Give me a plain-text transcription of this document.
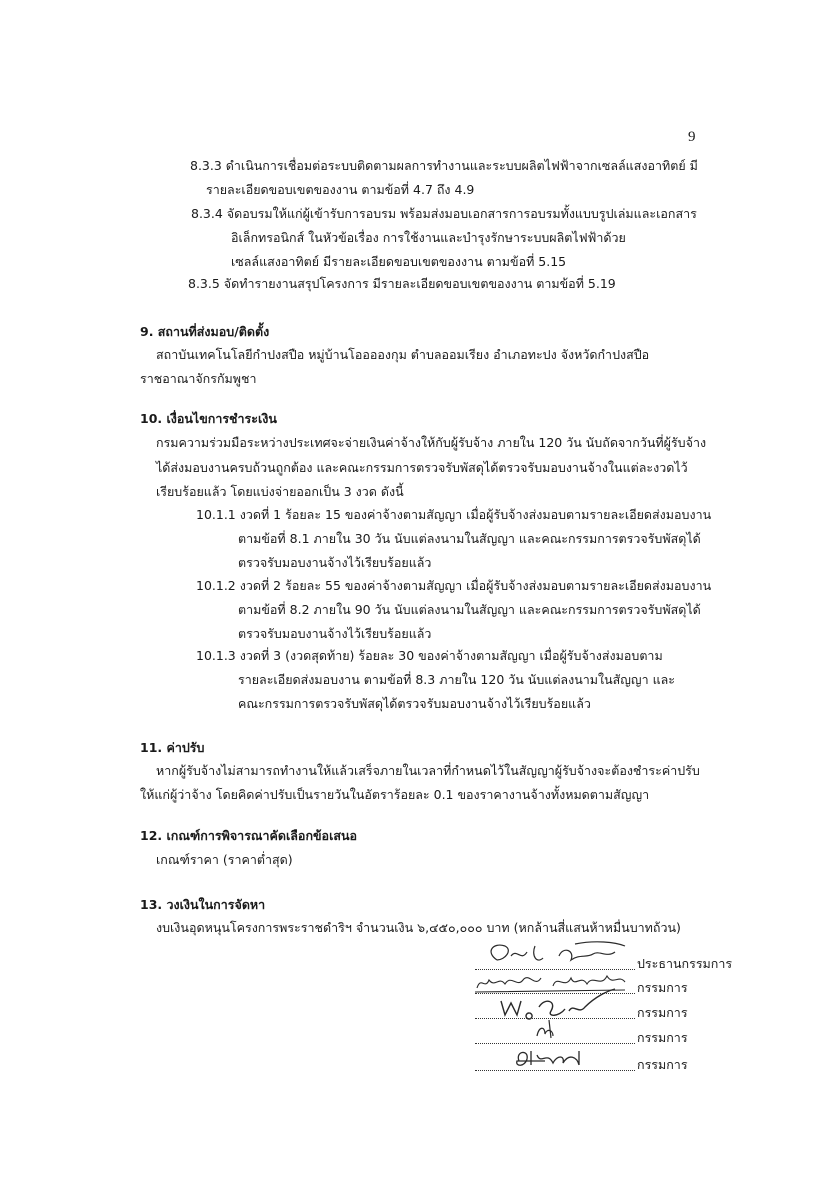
9
8.3.3 ดำเนินการเชื่อมต่อระบบติดตามผลการทำงานและระบบผลิตไฟฟ้าจากเซลล์แสงอาทิตย์ มี
รายละเอียดขอบเขตของงาน ตามข้อที่ 4.7 ถึง 4.9
8.3.4 จัดอบรมให้แก่ผู้เข้ารับการอบรม พร้อมส่งมอบเอกสารการอบรมทั้งแบบรูปเล่มและเอกสาร
อิเล็กทรอนิกส์ ในหัวข้อเรื่อง การใช้งานและบำรุงรักษาระบบผลิตไฟฟ้าด้วย
เซลล์แสงอาทิตย์ มีรายละเอียดขอบเขตของงาน ตามข้อที่ 5.15
8.3.5 จัดทำรายงานสรุปโครงการ มีรายละเอียดขอบเขตของงาน ตามข้อที่ 5.19
9. สถานที่ส่งมอบ/ติดตั้ง
สถาบันเทคโนโลยีกำปงสปือ หมู่บ้านโอออองกุม ตำบลออมเรียง อำเภอทะปง จังหวัดกำปงสปือ
ราชอาณาจักรกัมพูชา
10. เงื่อนไขการชำระเงิน
กรมความร่วมมือระหว่างประเทศจะจ่ายเงินค่าจ้างให้กับผู้รับจ้าง ภายใน 120 วัน นับถัดจากวันที่ผู้รับจ้าง
ได้ส่งมอบงานครบถ้วนถูกต้อง และคณะกรรมการตรวจรับพัสดุได้ตรวจรับมอบงานจ้างในแต่ละงวดไว้
เรียบร้อยแล้ว โดยแบ่งจ่ายออกเป็น 3 งวด ดังนี้
10.1.1 งวดที่ 1 ร้อยละ 15 ของค่าจ้างตามสัญญา เมื่อผู้รับจ้างส่งมอบตามรายละเอียดส่งมอบงาน
ตามข้อที่ 8.1 ภายใน 30 วัน นับแต่ลงนามในสัญญา และคณะกรรมการตรวจรับพัสดุได้
ตรวจรับมอบงานจ้างไว้เรียบร้อยแล้ว
10.1.2 งวดที่ 2 ร้อยละ 55 ของค่าจ้างตามสัญญา เมื่อผู้รับจ้างส่งมอบตามรายละเอียดส่งมอบงาน
ตามข้อที่ 8.2 ภายใน 90 วัน นับแต่ลงนามในสัญญา และคณะกรรมการตรวจรับพัสดุได้
ตรวจรับมอบงานจ้างไว้เรียบร้อยแล้ว
10.1.3 งวดที่ 3 (งวดสุดท้าย) ร้อยละ 30 ของค่าจ้างตามสัญญา เมื่อผู้รับจ้างส่งมอบตาม
รายละเอียดส่งมอบงาน ตามข้อที่ 8.3 ภายใน 120 วัน นับแต่ลงนามในสัญญา และ
คณะกรรมการตรวจรับพัสดุได้ตรวจรับมอบงานจ้างไว้เรียบร้อยแล้ว
11. ค่าปรับ
หากผู้รับจ้างไม่สามารถทำงานให้แล้วเสร็จภายในเวลาที่กำหนดไว้ในสัญญาผู้รับจ้างจะต้องชำระค่าปรับ
ให้แก่ผู้ว่าจ้าง โดยคิดค่าปรับเป็นรายวันในอัตราร้อยละ 0.1 ของราคางานจ้างทั้งหมดตามสัญญา
12. เกณฑ์การพิจารณาคัดเลือกข้อเสนอ
เกณฑ์ราคา (ราคาต่ำสุด)
13. วงเงินในการจัดหา
งบเงินอุดหนุนโครงการพระราชดำริฯ จำนวนเงิน ๖,๔๕๐,๐๐๐ บาท (หกล้านสี่แสนห้าหมื่นบาทถ้วน)
ประธานกรรมการ
กรรมการ
กรรมการ
กรรมการ
กรรมการ
